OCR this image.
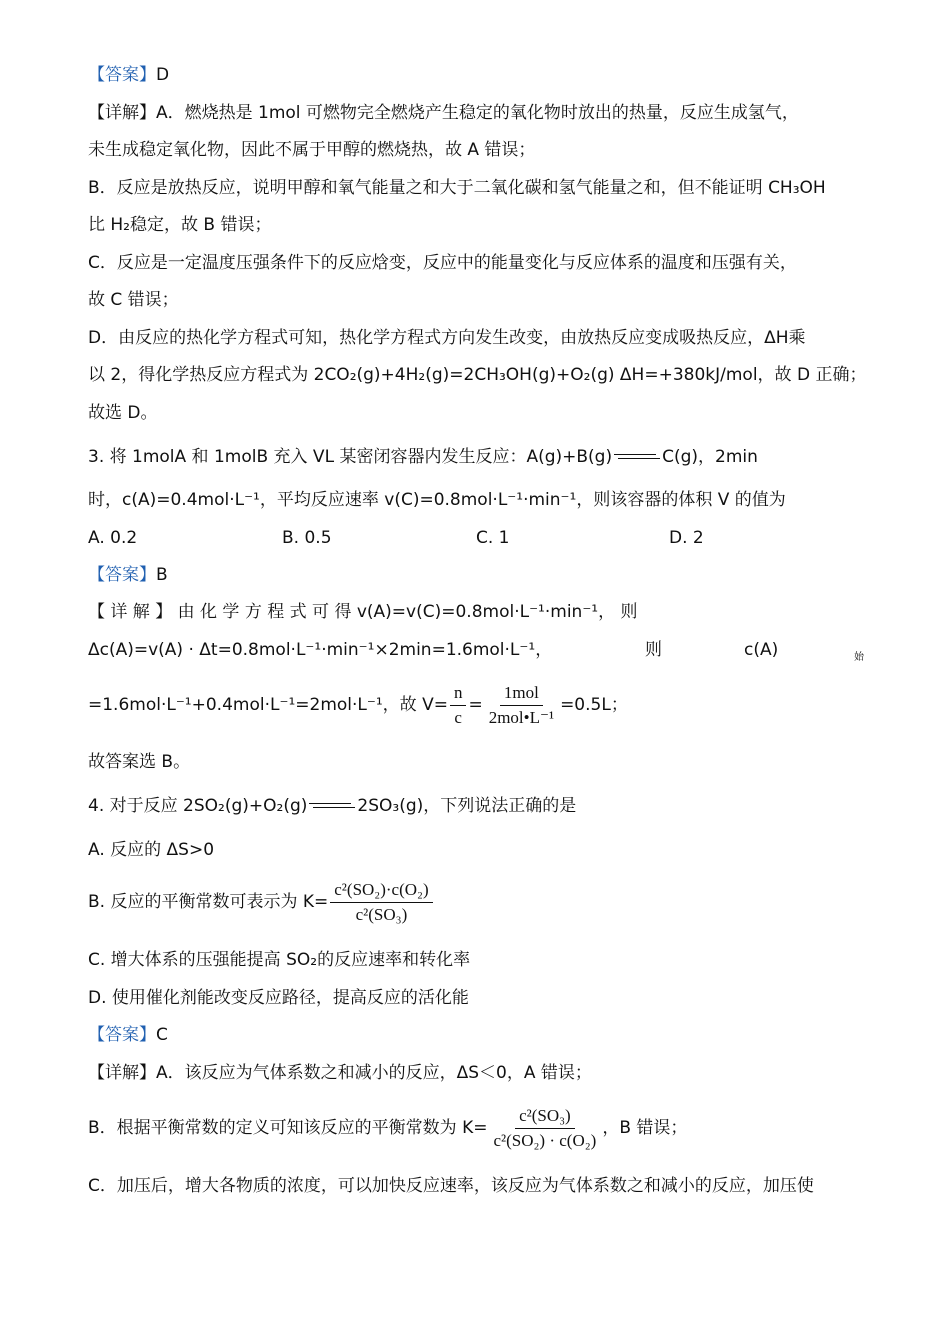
【答案】D
【详解】A．燃烧热是 1mol 可燃物完全燃烧产生稳定的氧化物时放出的热量，反应生成氢气，
未生成稳定氧化物，因此不属于甲醇的燃烧热，故 A 错误；
B．反应是放热反应，说明甲醇和氧气能量之和大于二氧化碳和氢气能量之和，但不能证明 CH₃OH
比 H₂稳定，故 B 错误；
C．反应是一定温度压强条件下的反应焓变，反应中的能量变化与反应体系的温度和压强有关，
故 C 错误；
D．由反应的热化学方程式可知，热化学方程式方向发生改变，由放热反应变成吸热反应，ΔH乘
以 2，得化学热反应方程式为 2CO₂(g)+4H₂(g)=2CH₃OH(g)+O₂(g) ΔH=+380kJ/mol，故 D 正确；
故选 D。
3. 将 1molA 和 1molB 充入 VL 某密闭容器内发生反应：A(g)+B(g)	C(g)，2min
时，c(A)=0.4mol·L⁻¹，平均反应速率 v(C)=0.8mol·L⁻¹·min⁻¹，则该容器的体积 V 的值为
A. 0.2	B. 0.5	C. 1	D. 2
【答案】B
【 详 解 】 由 化 学 方 程 式 可 得 v(A)=v(C)=0.8mol·L⁻¹·min⁻¹， 则
Δc(A)=v(A) · Δt=0.8mol·L⁻¹·min⁻¹×2min=1.6mol·L⁻¹，	则	c(A)	始
=1.6mol·L⁻¹+0.4mol·L⁻¹=2mol·L⁻¹，故 $V= \frac{n}{c} = \frac{\text{1mol}}{\text{2mol•L⁻¹}} =0.5L$；
故答案选 B。
4. 对于反应 2SO₂(g)+O₂(g)	2SO₃(g)，下列说法正确的是
A. 反应的 ΔS>0
B. 反应的平衡常数可表示为 $K= \frac{\text{c²(SO₂)·c(O₂)}}{\text{c²(SO₃)}}$
C. 增大体系的压强能提高 SO₂的反应速率和转化率
D. 使用催化剂能改变反应路径，提高反应的活化能
【答案】C
【详解】A．该反应为气体系数之和减小的反应，ΔS＜0，A 错误；
B．根据平衡常数的定义可知该反应的平衡常数为 $K= \frac{\text{c²(SO₃)}}{\text{c²(SO₂) · c(O₂)}}$ ，B 错误；
C．加压后，增大各物质的浓度，可以加快反应速率，该反应为气体系数之和减小的反应，加压使
